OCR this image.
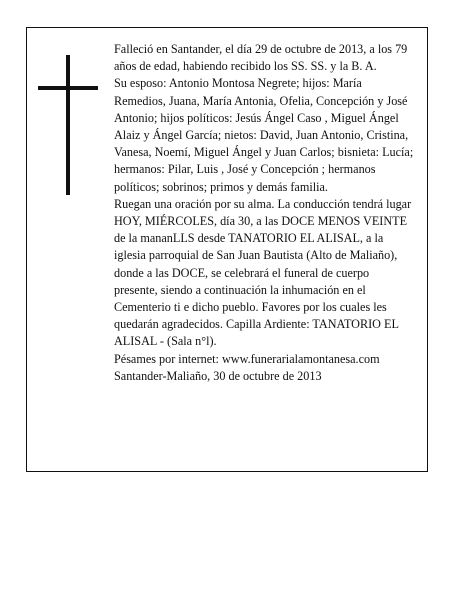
Falleció en Santander, el día 29 de octubre de 2013, a los 79 años de edad, habiendo recibido los SS. SS. y la B. A.

Su esposo: Antonio Montosa Negrete; hijos: María Remedios, Juana, María Antonia, Ofelia, Concepción y José Antonio; hijos políticos: Jesús Ángel Caso , Miguel Ángel Alaiz y Ángel García; nietos: David, Juan Antonio, Cristina, Vanesa, Noemí, Miguel Ángel y Juan Carlos; bisnieta: Lucía; hermanos: Pilar, Luis , José y Concepción ; hermanos políticos; sobrinos; primos y demás familia.

Ruegan una oración por su alma. La conducción tendrá lugar HOY, MIÉRCOLES, día 30, a las DOCE MENOS VEINTE de la mananLLS desde TANATORIO EL ALISAL, a la iglesia parroquial de San Juan Bautista (Alto de Maliaño), donde a las DOCE, se celebrará el funeral de cuerpo presente, siendo a continuación la inhumación en el Cementerio ti e dicho pueblo. Favores por los cuales les quedarán agradecidos. Capilla Ardiente: TANATORIO EL ALISAL - (Sala n°l).

Pésames por internet: www.funerarialamontanesa.com

Santander-Maliaño, 30 de octubre de 2013
